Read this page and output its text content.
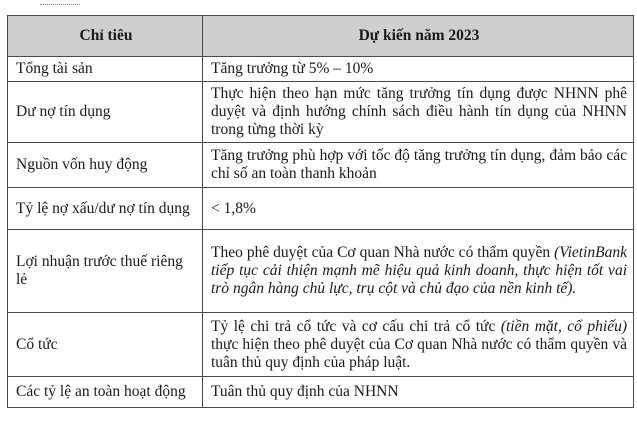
Chỉ tiêu	Dự kiến năm 2023
Tổng tài sản	Tăng trưởng từ 5% – 10%
Dư nợ tín dụng	Thực hiện theo hạn mức tăng trưởng tín dụng được NHNN phê duyệt và định hướng chính sách điều hành tín dụng của NHNN trong từng thời kỳ
Nguồn vốn huy động	Tăng trưởng phù hợp với tốc độ tăng trưởng tín dụng, đảm bảo các chỉ số an toàn thanh khoản
Tỷ lệ nợ xấu/dư nợ tín dụng	< 1,8%
Lợi nhuận trước thuế riêng lẻ	Theo phê duyệt của Cơ quan Nhà nước có thẩm quyền (VietinBank tiếp tục cải thiện mạnh mẽ hiệu quả kinh doanh, thực hiện tốt vai trò ngân hàng chủ lực, trụ cột và chủ đạo của nền kinh tế).
Cổ tức	Tỷ lệ chi trả cổ tức và cơ cấu chi trả cổ tức (tiền mặt, cổ phiếu) thực hiện theo phê duyệt của Cơ quan Nhà nước có thẩm quyền và tuân thủ quy định của pháp luật.
Các tỷ lệ an toàn hoạt động	Tuân thủ quy định của NHNN
